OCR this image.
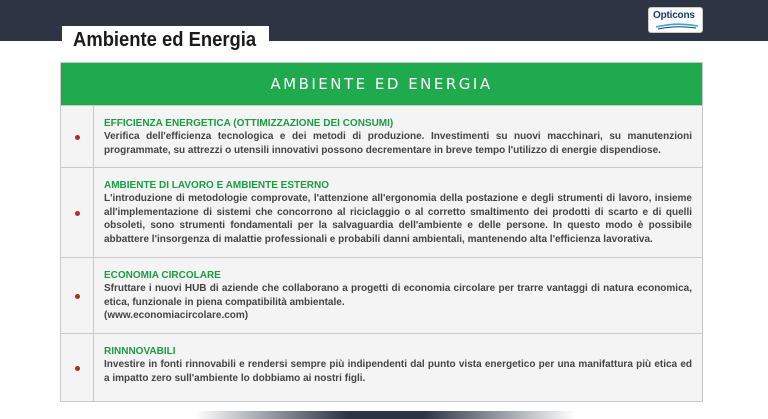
Ambiente ed Energia
Opticons
AMBIENTE ED ENERGIA
EFFICIENZA ENERGETICA (OTTIMIZZAZIONE DEI CONSUMI)
Verifica dell'efficienza tecnologica e dei metodi di produzione. Investimenti su nuovi macchinari, su manutenzioni programmate, su attrezzi o utensili innovativi possono decrementare in breve tempo l'utilizzo di energie dispendiose.
AMBIENTE DI LAVORO E AMBIENTE ESTERNO
L'introduzione di metodologie comprovate, l'attenzione all'ergonomia della postazione e degli strumenti di lavoro, insieme all'implementazione di sistemi che concorrono al riciclaggio o al corretto smaltimento dei prodotti di scarto e di quelli obsoleti, sono strumenti fondamentali per la salvaguardia dell'ambiente e delle persone. In questo modo è possibile abbattere l'insorgenza di malattie professionali e probabili danni ambientali, mantenendo alta l'efficienza lavorativa.
ECONOMIA CIRCOLARE
Sfruttare i nuovi HUB di aziende che collaborano a progetti di economia circolare per trarre vantaggi di natura economica, etica, funzionale in piena compatibilità ambientale.
(www.economiacircolare.com)
RINNNOVABILI
Investire in fonti rinnovabili e rendersi sempre più indipendenti dal punto vista energetico per una manifattura più etica ed a impatto zero sull'ambiente lo dobbiamo ai nostri figli.
